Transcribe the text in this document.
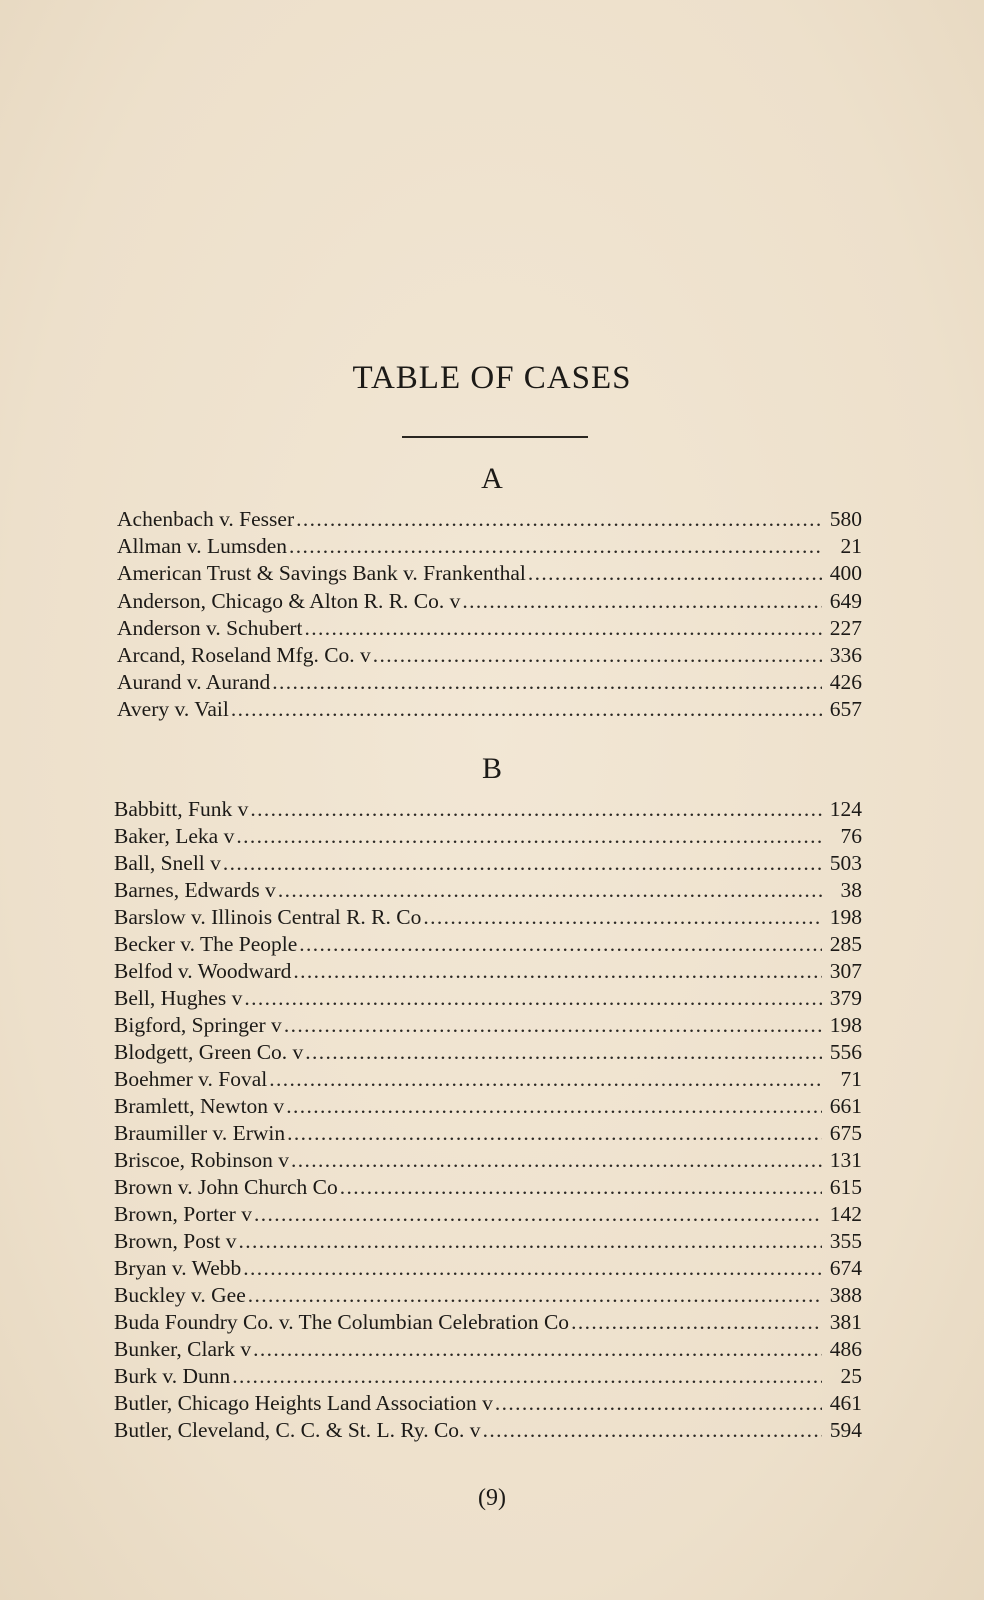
TABLE OF CASES
A
Achenbach v. Fesser . . .	580
Allman v. Lumsden . . .	21
American Trust & Savings Bank v. Frankenthal . . .	400
Anderson, Chicago & Alton R. R. Co. v . . .	649
Anderson v. Schubert . . .	227
Arcand, Roseland Mfg. Co. v . . .	336
Aurand v. Aurand . . .	426
Avery v. Vail . . .	657
B
Babbitt, Funk v . . .	124
Baker, Leka v . . .	76
Ball, Snell v . . .	503
Barnes, Edwards v . . .	38
Barslow v. Illinois Central R. R. Co . . .	198
Becker v. The People . . .	285
Belfod v. Woodward . . .	307
Bell, Hughes v . . .	379
Bigford, Springer v . . .	198
Blodgett, Green Co. v . . .	556
Boehmer v. Foval . . .	71
Bramlett, Newton v . . .	661
Braumiller v. Erwin . . .	675
Briscoe, Robinson v . . .	131
Brown v. John Church Co . . .	615
Brown, Porter v . . .	142
Brown, Post v . . .	355
Bryan v. Webb . . .	674
Buckley v. Gee . . .	388
Buda Foundry Co. v. The Columbian Celebration Co . . .	381
Bunker, Clark v . . .	486
Burk v. Dunn . . .	25
Butler, Chicago Heights Land Association v . . .	461
Butler, Cleveland, C. C. & St. L. Ry. Co. v . . .	594
(9)
